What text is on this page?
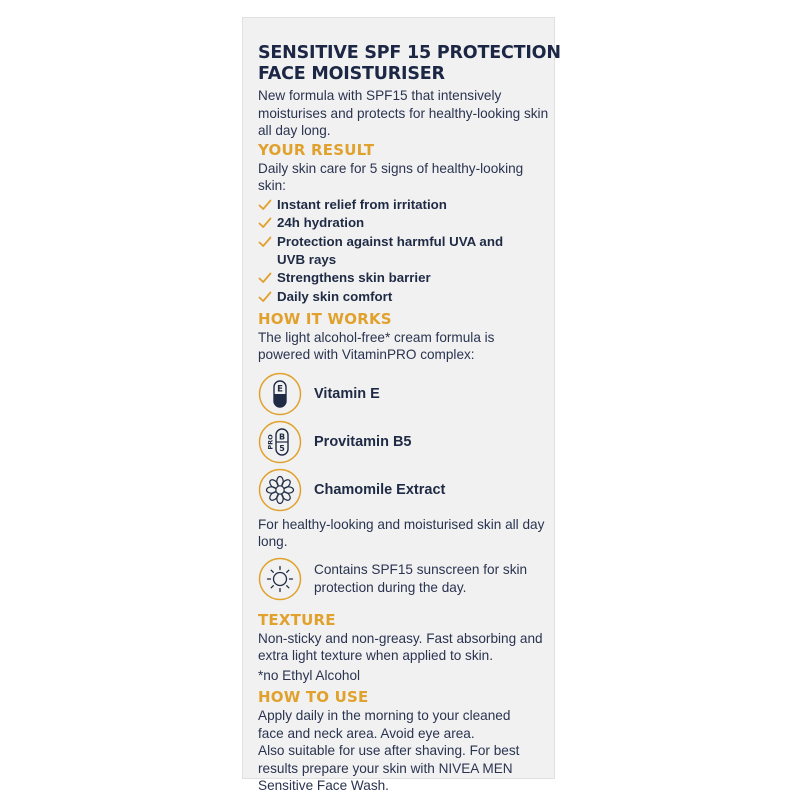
SENSITIVE SPF 15 PROTECTION
FACE MOISTURISER

New formula with SPF15 that intensively moisturises and protects for healthy-looking skin all day long.

YOUR RESULT

Daily skin care for 5 signs of healthy-looking skin:

Instant relief from irritation
24h hydration
Protection against harmful UVA and UVB rays
Strengthens skin barrier
Daily skin comfort
HOW IT WORKS

The light alcohol-free* cream formula is powered with VitaminPRO complex:

E Vitamin E
PRO B
5 Provitamin B5
Chamomile Extract

For healthy-looking and moisturised skin all day long.

Contains SPF15 sunscreen for skin protection during the day.

TEXTURE

Non-sticky and non-greasy. Fast absorbing and extra light texture when applied to skin.

*no Ethyl Alcohol

HOW TO USE

Apply daily in the morning to your cleaned face and neck area. Avoid eye area.

Also suitable for use after shaving. For best results prepare your skin with NIVEA MEN Sensitive Face Wash.
